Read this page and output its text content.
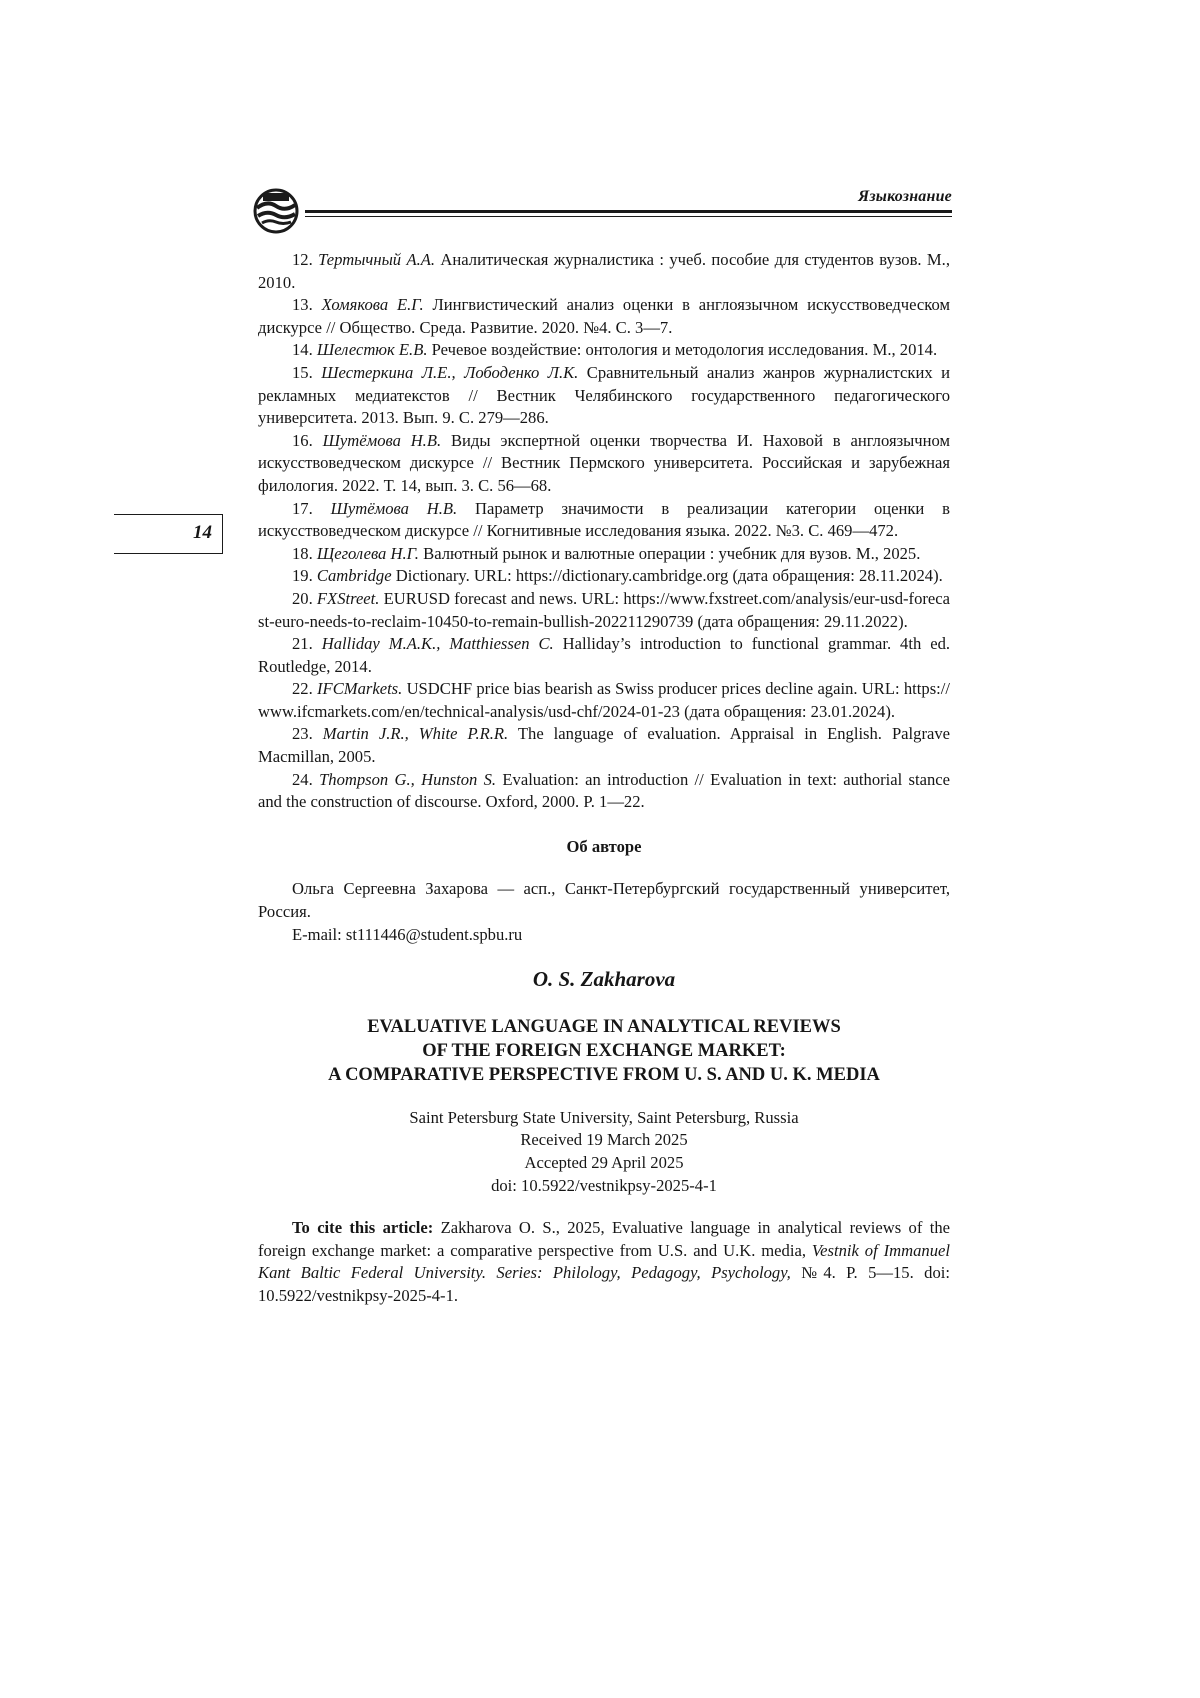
Языкознание
14

12. Тертычный А.А. Аналитическая журналистика : учеб. пособие для студентов вузов. М., 2010.

13. Хомякова Е.Г. Лингвистический анализ оценки в англоязычном искусствоведческом дискурсе // Общество. Среда. Развитие. 2020. №4. С. 3—7.

14. Шелестюк Е.В. Речевое воздействие: онтология и методология исследования. М., 2014.

15. Шестеркина Л.Е., Лободенко Л.К. Сравнительный анализ жанров журналистских и рекламных медиатекстов // Вестник Челябинского государственного педагогического университета. 2013. Вып. 9. С. 279—286.

16. Шутёмова Н.В. Виды экспертной оценки творчества И. Наховой в англоязычном искусствоведческом дискурсе // Вестник Пермского университета. Российская и зарубежная филология. 2022. Т. 14, вып. 3. С. 56—68.

17. Шутёмова Н.В. Параметр значимости в реализации категории оценки в искусствоведческом дискурсе // Когнитивные исследования языка. 2022. №3. С. 469—472.

18. Щеголева Н.Г. Валютный рынок и валютные операции : учебник для вузов. М., 2025.

19. Cambridge Dictionary. URL: https://dictionary.cambridge.org (дата обращения: 28.11.2024).

20. FXStreet. EURUSD forecast and news. URL: https://www.fxstreet.com/analysis/eur-usd-forecast-euro-needs-to-reclaim-10450-to-remain-bullish-202211290739 (дата обращения: 29.11.2022).

21. Halliday M.A.K., Matthiessen C. Halliday’s introduction to functional grammar. 4th ed. Routledge, 2014.

22. IFCMarkets. USDCHF price bias bearish as Swiss producer prices decline again. URL: https://www.ifcmarkets.com/en/technical-analysis/usd-chf/2024-01-23 (дата обращения: 23.01.2024).

23. Martin J.R., White P.R.R. The language of evaluation. Appraisal in English. Palgrave Macmillan, 2005.

24. Thompson G., Hunston S. Evaluation: an introduction // Evaluation in text: authorial stance and the construction of discourse. Oxford, 2000. P. 1—22.

Об авторе

Ольга Сергеевна Захарова — асп., Санкт-Петербургский государственный университет, Россия.

E-mail: st111446@student.spbu.ru

O. S. Zakharova

EVALUATIVE LANGUAGE IN ANALYTICAL REVIEWS
OF THE FOREIGN EXCHANGE MARKET:
A COMPARATIVE PERSPECTIVE FROM U. S. AND U. K. MEDIA

Saint Petersburg State University, Saint Petersburg, Russia

Received 19 March 2025

Accepted 29 April 2025

doi: 10.5922/vestnikpsy-2025-4-1

To cite this article: Zakharova O. S., 2025, Evaluative language in analytical reviews of the foreign exchange market: a comparative perspective from U.S. and U.K. media, Vestnik of Immanuel Kant Baltic Federal University. Series: Philology, Pedagogy, Psychology, №4. P. 5—15. doi: 10.5922/vestnikpsy-2025-4-1.
